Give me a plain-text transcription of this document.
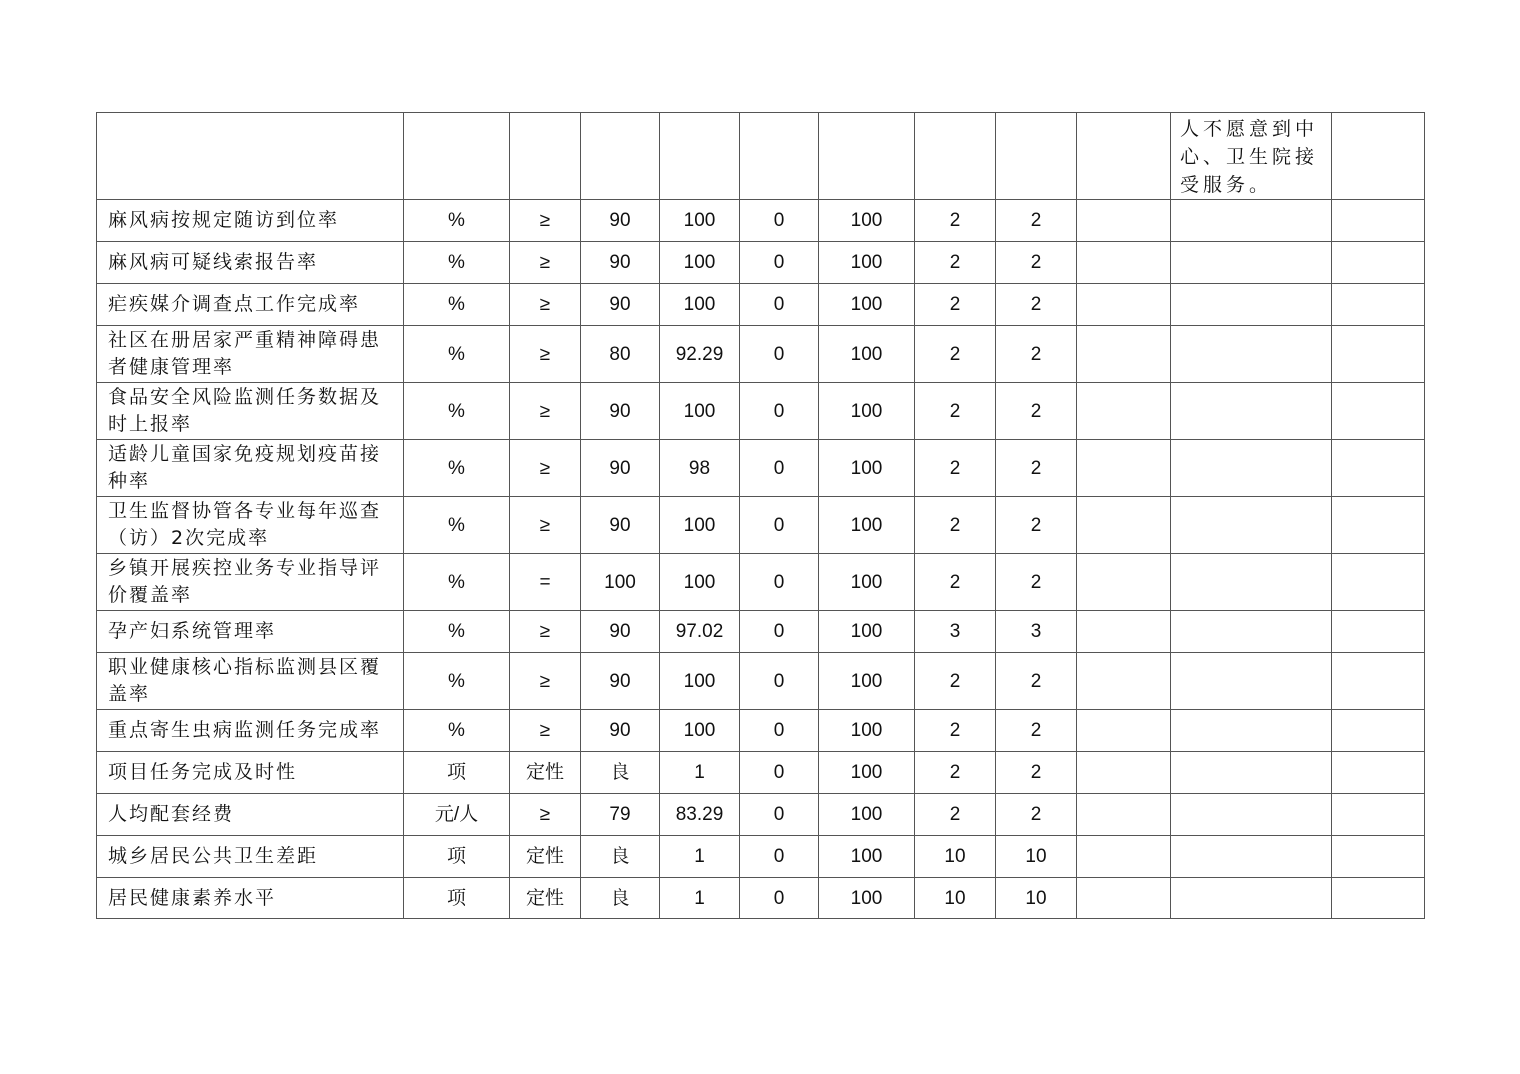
										人不愿意到中心、卫生院接受服务。	
麻风病按规定随访到位率	%	≥	90	100	0	100	2	2			
麻风病可疑线索报告率	%	≥	90	100	0	100	2	2			
疟疾媒介调查点工作完成率	%	≥	90	100	0	100	2	2			
社区在册居家严重精神障碍患者健康管理率	%	≥	80	92.29	0	100	2	2			
食品安全风险监测任务数据及时上报率	%	≥	90	100	0	100	2	2			
适龄儿童国家免疫规划疫苗接种率	%	≥	90	98	0	100	2	2			
卫生监督协管各专业每年巡查（访）2次完成率	%	≥	90	100	0	100	2	2			
乡镇开展疾控业务专业指导评价覆盖率	%	=	100	100	0	100	2	2			
孕产妇系统管理率	%	≥	90	97.02	0	100	3	3			
职业健康核心指标监测县区覆盖率	%	≥	90	100	0	100	2	2			
重点寄生虫病监测任务完成率	%	≥	90	100	0	100	2	2			
项目任务完成及时性	项	定性	良	1	0	100	2	2			
人均配套经费	元/人	≥	79	83.29	0	100	2	2			
城乡居民公共卫生差距	项	定性	良	1	0	100	10	10			
居民健康素养水平	项	定性	良	1	0	100	10	10			
